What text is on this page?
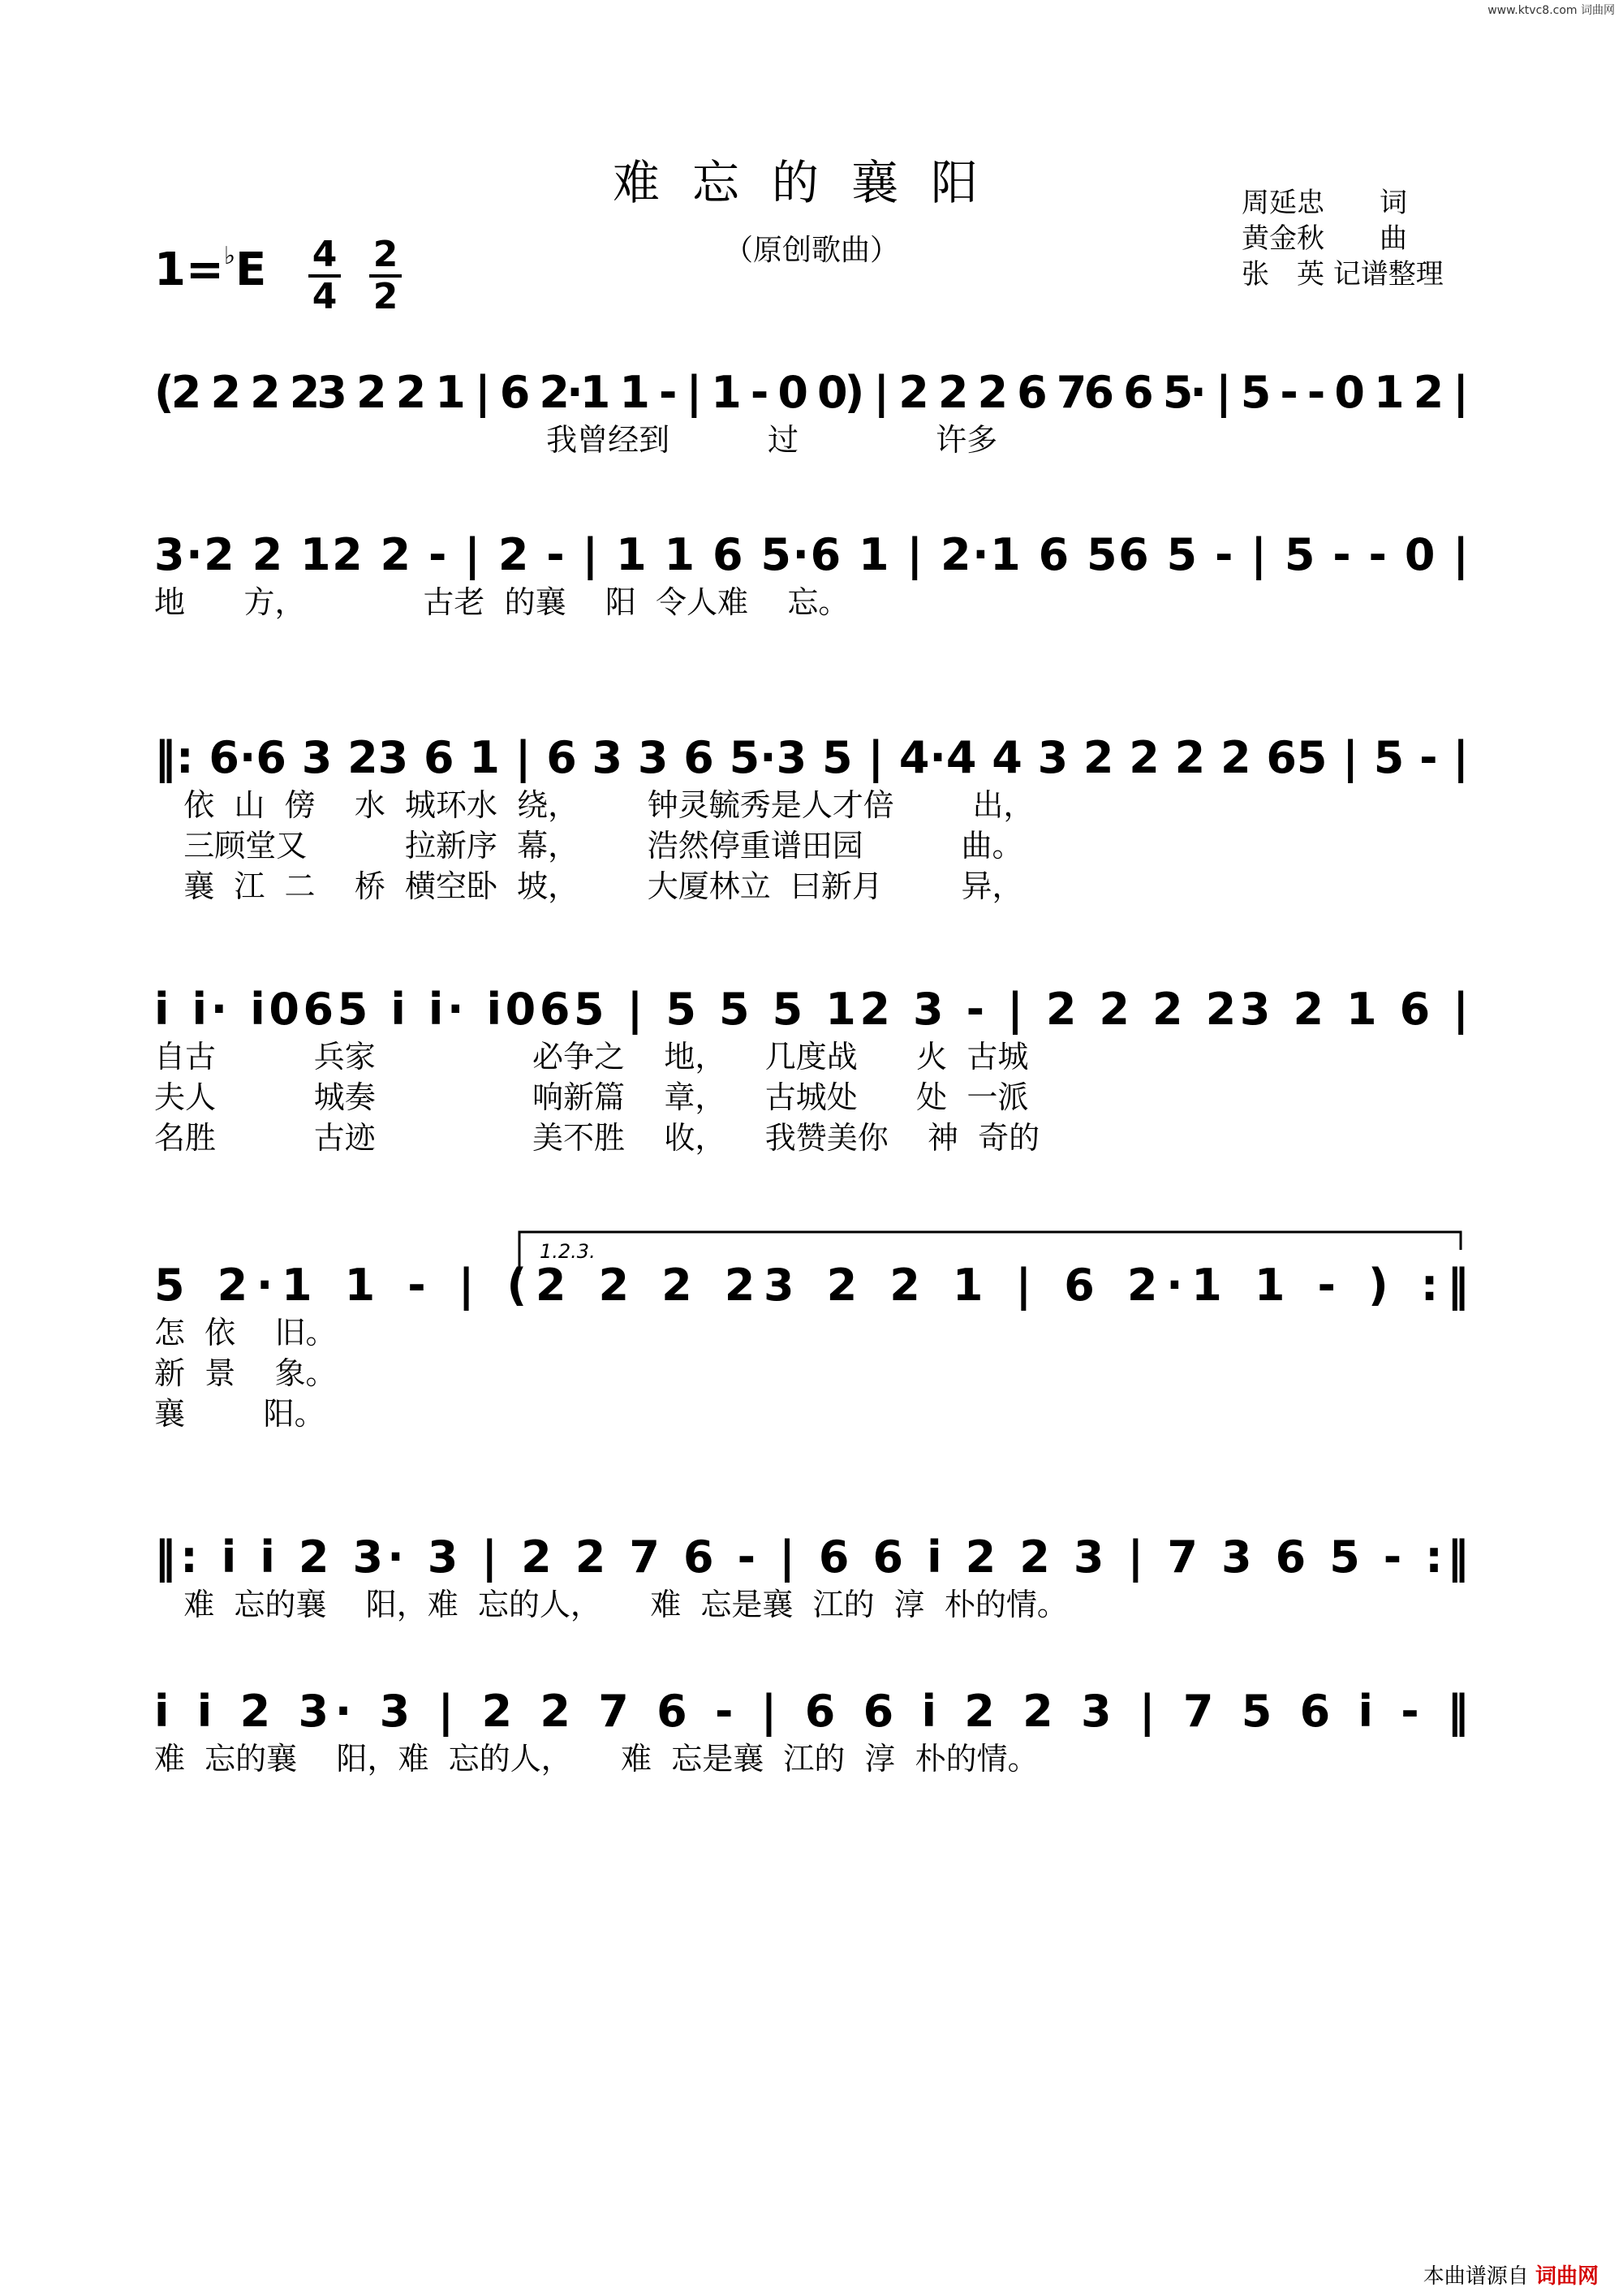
www.ktvc8.com 词曲网
难忘的襄阳
（原创歌曲）
周延忠　　词
黄金秋　　曲
张　英 记谱整理
1=♭E 4
4
2
2
(2 2 2 23 2 2 1 | 6 2·1 1 - | 1 - 0 0) | 2 2 2 6 76 6 5· | 5 - - 0 1 2 |
我曾经到          过              许多
3·2 2 12 2 - | 2 - | 1 1 6 5·6 1 | 2·1 6 56 5 - | 5 - - 0 |
地      方，            古老  的襄    阳  令人难    忘。
‖: 6·6 3 23 6 1 | 6 3 3 6 5·3 5 | 4·4 4 3 2 2 2 2 65 | 5 - |
依  山  傍    水  城环水  绕，       钟灵毓秀是人才倍        出，
三顾堂又          拉新序  幕，       浩然停重谱田园          曲。
襄  江  二    桥  横空卧  坡，       大厦林立  曰新月        异，
i i· i065 i i· i065 | 5 5 5 12 3 - | 2 2 2 23 2 1 6 |
自古          兵家                必争之    地，    几度战      火  古城
夫人          城奏                响新篇    章，    古城处      处  一派
名胜          古迹                美不胜    收，    我赞美你    神  奇的
1.2.3.
5 2·1 1 - | (2 2 2 23 2 2 1 | 6 2·1 1 - ) :‖
怎  依    旧。
新  景    象。
襄        阳。
‖: i i 2 3· 3 | 2 2 7 6 - | 6 6 i 2 2 3 | 7 3 6 5 - :‖
难  忘的襄    阳，难  忘的人，     难  忘是襄  江的  淳  朴的情。
i i 2 3· 3 | 2 2 7 6 - | 6 6 i 2 2 3 | 7 5 6 i - ‖
难  忘的襄    阳，难  忘的人，     难  忘是襄  江的  淳  朴的情。
本曲谱源自 词曲网
